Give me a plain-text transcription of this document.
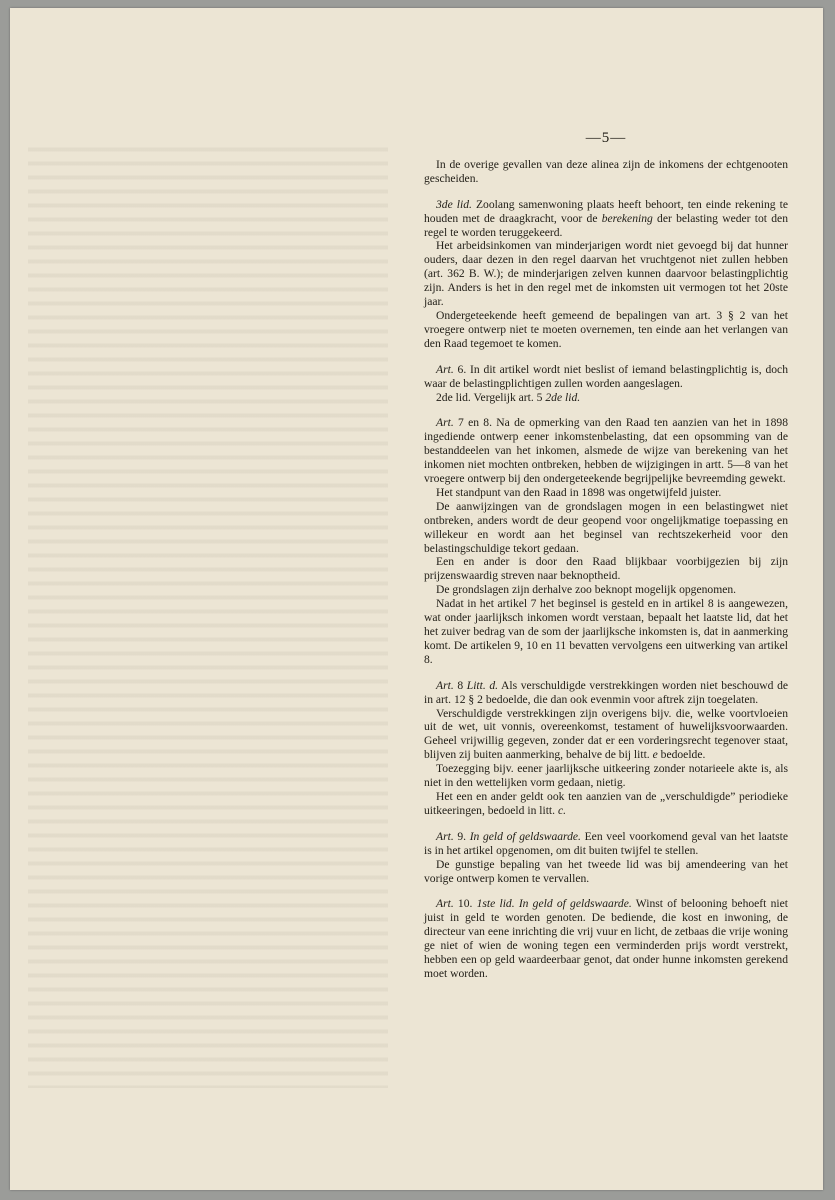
—5—

In de overige gevallen van deze alinea zijn de inkomens der echtgenooten gescheiden.

3de lid. Zoolang samenwoning plaats heeft behoort, ten einde rekening te houden met de draagkracht, voor de berekening der belasting weder tot den regel te worden teruggekeerd.

Het arbeidsinkomen van minderjarigen wordt niet gevoegd bij dat hunner ouders, daar dezen in den regel daarvan het vruchtgenot niet zullen hebben (art. 362 B. W.); de minderjarigen zelven kunnen daarvoor belastingplichtig zijn. Anders is het in den regel met de inkomsten uit vermogen tot het 20ste jaar.

Ondergeteekende heeft gemeend de bepalingen van art. 3 § 2 van het vroegere ontwerp niet te moeten overnemen, ten einde aan het verlangen van den Raad tegemoet te komen.

Art. 6. In dit artikel wordt niet beslist of iemand belastingplichtig is, doch waar de belastingplichtigen zullen worden aangeslagen.

2de lid. Vergelijk art. 5 2de lid.

Art. 7 en 8. Na de opmerking van den Raad ten aanzien van het in 1898 ingediende ontwerp eener inkomstenbelasting, dat een opsomming van de bestanddeelen van het inkomen, alsmede de wijze van berekening van het inkomen niet mochten ontbreken, hebben de wijzigingen in artt. 5—8 van het vroegere ontwerp bij den ondergeteekende begrijpelijke bevreemding gewekt.

Het standpunt van den Raad in 1898 was ongetwijfeld juister.

De aanwijzingen van de grondslagen mogen in een belastingwet niet ontbreken, anders wordt de deur geopend voor ongelijkmatige toepassing en willekeur en wordt aan het beginsel van rechtszekerheid voor den belastingschuldige tekort gedaan.

Een en ander is door den Raad blijkbaar voorbijgezien bij zijn prijzenswaardig streven naar beknoptheid.

De grondslagen zijn derhalve zoo beknopt mogelijk opgenomen.

Nadat in het artikel 7 het beginsel is gesteld en in artikel 8 is aangewezen, wat onder jaarlijksch inkomen wordt verstaan, bepaalt het laatste lid, dat het het zuiver bedrag van de som der jaarlijksche inkomsten is, dat in aanmerking komt. De artikelen 9, 10 en 11 bevatten vervolgens een uitwerking van artikel 8.

Art. 8 Litt. d. Als verschuldigde verstrekkingen worden niet beschouwd de in art. 12 § 2 bedoelde, die dan ook evenmin voor aftrek zijn toegelaten.

Verschuldigde verstrekkingen zijn overigens bijv. die, welke voortvloeien uit de wet, uit vonnis, overeenkomst, testament of huwelijksvoorwaarden. Geheel vrijwillig gegeven, zonder dat er een vorderingsrecht tegenover staat, blijven zij buiten aanmerking, behalve de bij litt. e bedoelde.

Toezegging bijv. eener jaarlijksche uitkeering zonder notarieele akte is, als niet in den wettelijken vorm gedaan, nietig.

Het een en ander geldt ook ten aanzien van de „verschuldigde” periodieke uitkeeringen, bedoeld in litt. c.

Art. 9. In geld of geldswaarde. Een veel voorkomend geval van het laatste is in het artikel opgenomen, om dit buiten twijfel te stellen.

De gunstige bepaling van het tweede lid was bij amendeering van het vorige ontwerp komen te vervallen.

Art. 10. 1ste lid. In geld of geldswaarde. Winst of belooning behoeft niet juist in geld te worden genoten. De bediende, die kost en inwoning, de directeur van eene inrichting die vrij vuur en licht, de zetbaas die vrije woning ge niet of wien de woning tegen een verminderden prijs wordt verstrekt, hebben een op geld waardeerbaar genot, dat onder hunne inkomsten gerekend moet worden.
